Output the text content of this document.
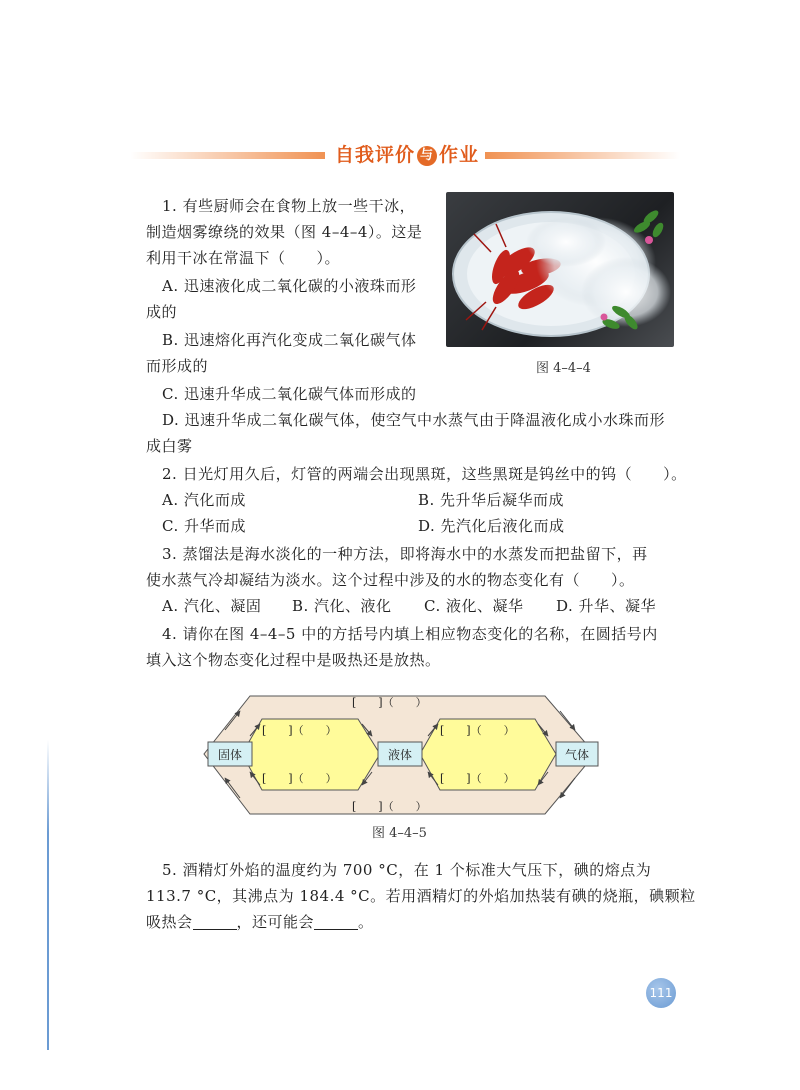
自我评价 与 作业
1. 有些厨师会在食物上放一些干冰，
制造烟雾缭绕的效果（图 4–4–4）。这是
利用干冰在常温下（　　）。
A. 迅速液化成二氧化碳的小液珠而形
成的
B. 迅速熔化再汽化变成二氧化碳气体
而形成的
C. 迅速升华成二氧化碳气体而形成的
D. 迅速升华成二氧化碳气体，使空气中水蒸气由于降温液化成小水珠而形
成白雾
图 4–4–4
2. 日光灯用久后，灯管的两端会出现黑斑，这些黑斑是钨丝中的钨（　　）。
A. 汽化而成	B. 先升华后凝华而成
C. 升华而成	D. 先汽化后液化而成
3. 蒸馏法是海水淡化的一种方法，即将海水中的水蒸发而把盐留下，再
使水蒸气冷却凝结为淡水。这个过程中涉及的水的物态变化有（　　）。
A. 汽化、凝固 B. 汽化、液化 C. 液化、凝华 D. 升华、凝华
4. 请你在图 4–4–5 中的方括号内填上相应物态变化的名称，在圆括号内
填入这个物态变化过程中是吸热还是放热。
[　　]（　　）
[　　]（　　）
[　　]（　　）
[　　]（　　）
[　　]（　　）
[　　]（　　）
固体	液体	气体
图 4–4–5
5. 酒精灯外焰的温度约为 700 °C，在 1 个标准大气压下，碘的熔点为
113.7 °C，其沸点为 184.4 °C。若用酒精灯的外焰加热装有碘的烧瓶，碘颗粒
吸热会	，还可能会	。
111
